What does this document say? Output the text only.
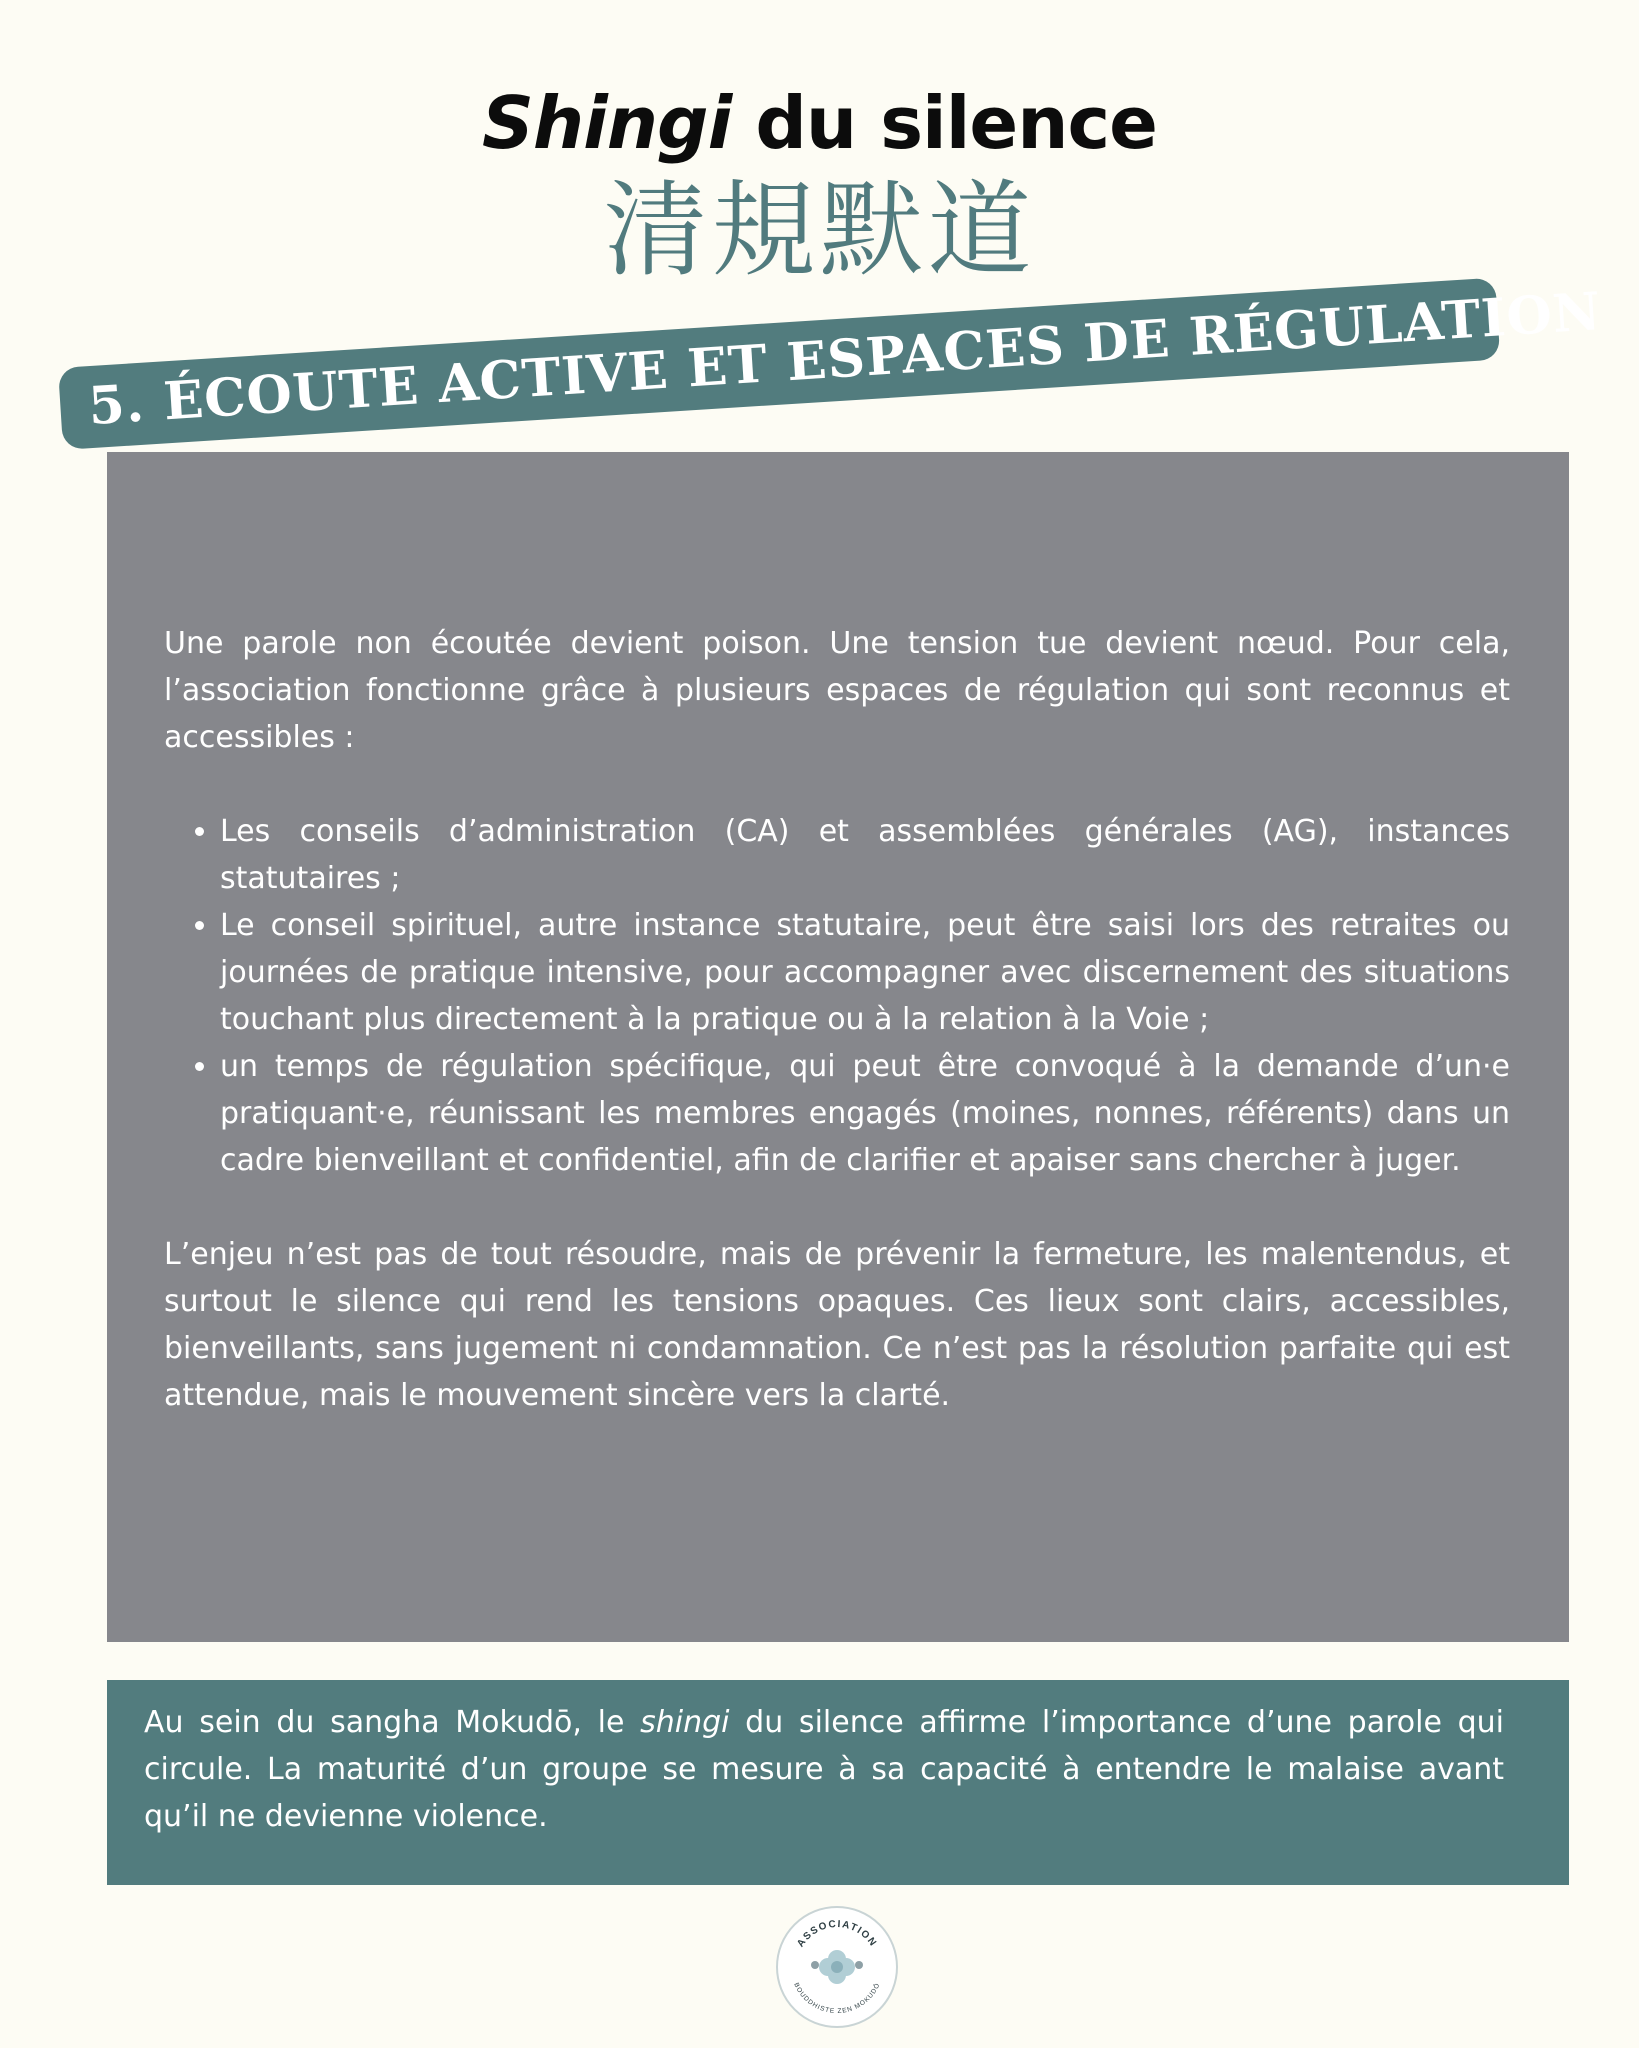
Shingi du silence
清規默道
5. ÉCOUTE ACTIVE ET ESPACES DE RÉGULATION

Une parole non écoutée devient poison. Une tension tue devient nœud. Pour cela, l’association fonctionne grâce à plusieurs espaces de régulation qui sont reconnus et accessibles :

• Les conseils d’administration (CA) et assemblées générales (AG), instances statutaires ;
• Le conseil spirituel, autre instance statutaire, peut être saisi lors des retraites ou journées de pratique intensive, pour accompagner avec discernement des situations touchant plus directement à la pratique ou à la relation à la Voie ;
• un temps de régulation spécifique, qui peut être convoqué à la demande d’un·e pratiquant·e, réunissant les membres engagés (moines, nonnes, référents) dans un cadre bienveillant et confidentiel, afin de clarifier et apaiser sans chercher à juger.

L’enjeu n’est pas de tout résoudre, mais de prévenir la fermeture, les malentendus, et surtout le silence qui rend les tensions opaques. Ces lieux sont clairs, accessibles, bienveillants, sans jugement ni condamnation. Ce n’est pas la résolution parfaite qui est attendue, mais le mouvement sincère vers la clarté.

Au sein du sangha Mokudō, le shingi du silence affirme l’importance d’une parole qui circule. La maturité d’un groupe se mesure à sa capacité à entendre le malaise avant qu’il ne devienne violence.

ASSOCIATION
BOUDDHISTE ZEN MOKUDŌ
